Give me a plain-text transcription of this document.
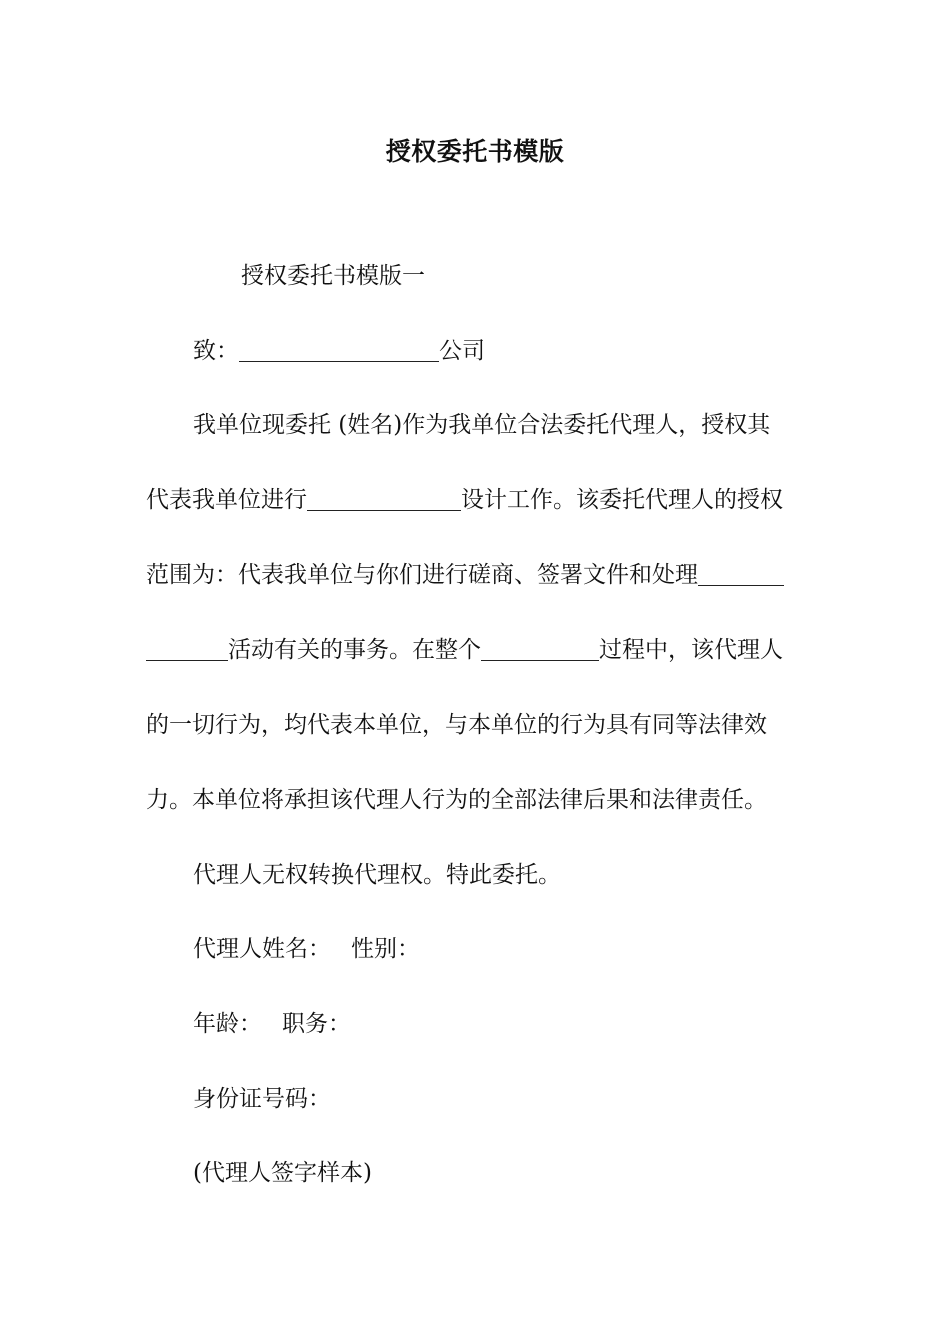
授权委托书模版
授权委托书模版一
致：	公司
我单位现委托 (姓名)作为我单位合法委托代理人，授权其
代表我单位进行	设计工作。该委托代理人的授权
范围为：代表我单位与你们进行磋商、签署文件和处理
活动有关的事务。在整个	过程中，该代理人
的一切行为，均代表本单位，与本单位的行为具有同等法律效
力。本单位将承担该代理人行为的全部法律后果和法律责任。
代理人无权转换代理权。特此委托。
代理人姓名： 性别：
年龄： 职务：
身份证号码：
(代理人签字样本)
